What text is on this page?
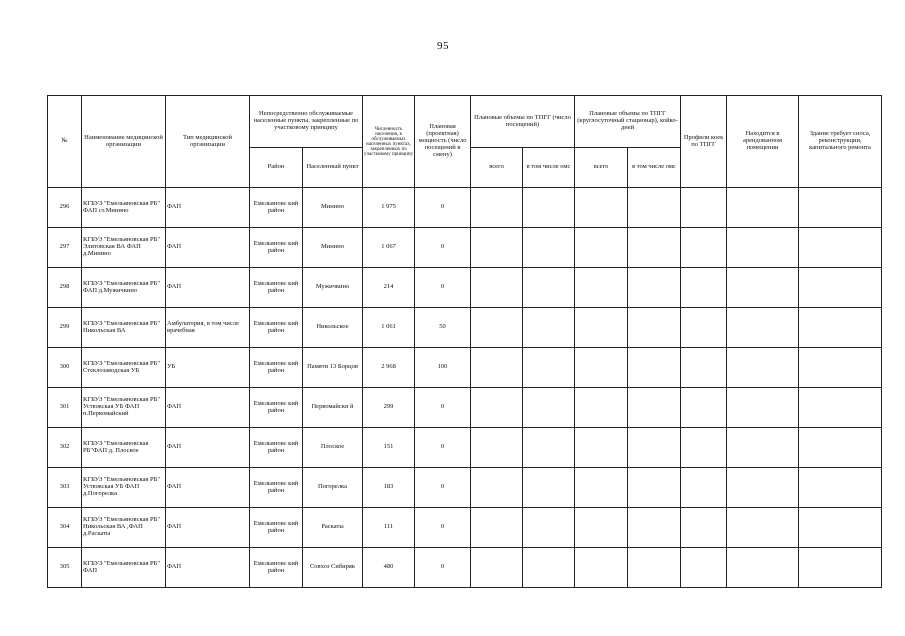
95
№	Наименование медицинской организации	Тип медицинской организации	Непосредственно обслуживаемые населенные пункты, закрепленные по участковому принципу		Численность населения, в обслуживаемых населенных пунктах, закрепленных по участковому принципу	Плановая (проектная) мощность (число посещений в смену)	Плановые объемы по ТПГГ (число посещений)		Плановые объемы по ТПГГ (круглосуточный стационар), койко-дней		Профили коек по ТПГГ	Находится в арендованном помещении	Здание требует сноса, реконструкции, капитального ремонта
			Район	Населенный пункт			всего	в том числе омс	всего	в том числе омс			
296	КГБУЗ "Емельяновская РБ" ФАП ст.Минино	ФАП	Емельяновс кий район	Минино	1 975	0							
297	КГБУЗ "Емельяновская РБ" Элитовская ВА ФАП д.Минино	ФАП	Емельяновс кий район	Минино	1 067	0							
298	КГБУЗ "Емельяновская РБ" ФАП д.Мужичкино	ФАП	Емельяновс кий район	Мужичкино	214	0							
299	КГБУЗ "Емельяновская РБ" Никольская ВА	Амбулатория, в том числе врачебная	Емельяновс кий район	Никольское	1 061	50							
300	КГБУЗ "Емельяновская РБ" Стеклозаводская УБ	УБ	Емельяновс кий район	Памяти 13 Борцов	2 968	100							
301	КГБУЗ "Емельяновская РБ" Устюжская УБ ФАП п.Первомайский	ФАП	Емельяновс кий район	Первомайски й	299	0							
302	КГБУЗ "Емельяновская РБ"ФАП д. Плоское	ФАП	Емельяновс кий район	Плоское	151	0							
303	КГБУЗ "Емельяновская РБ" Устюжская УБ ФАП д.Погорелка	ФАП	Емельяновс кий район	Погорелка	183	0							
304	КГБУЗ "Емельяновская РБ" Никольская ВА ,ФАП д.Раскаты	ФАП	Емельяновс кий район	Раскаты	111	0							
305	КГБУЗ "Емельяновская РБ" ФАП	ФАП	Емельяновс кий район	Совхоз Сибиряк	480	0							
